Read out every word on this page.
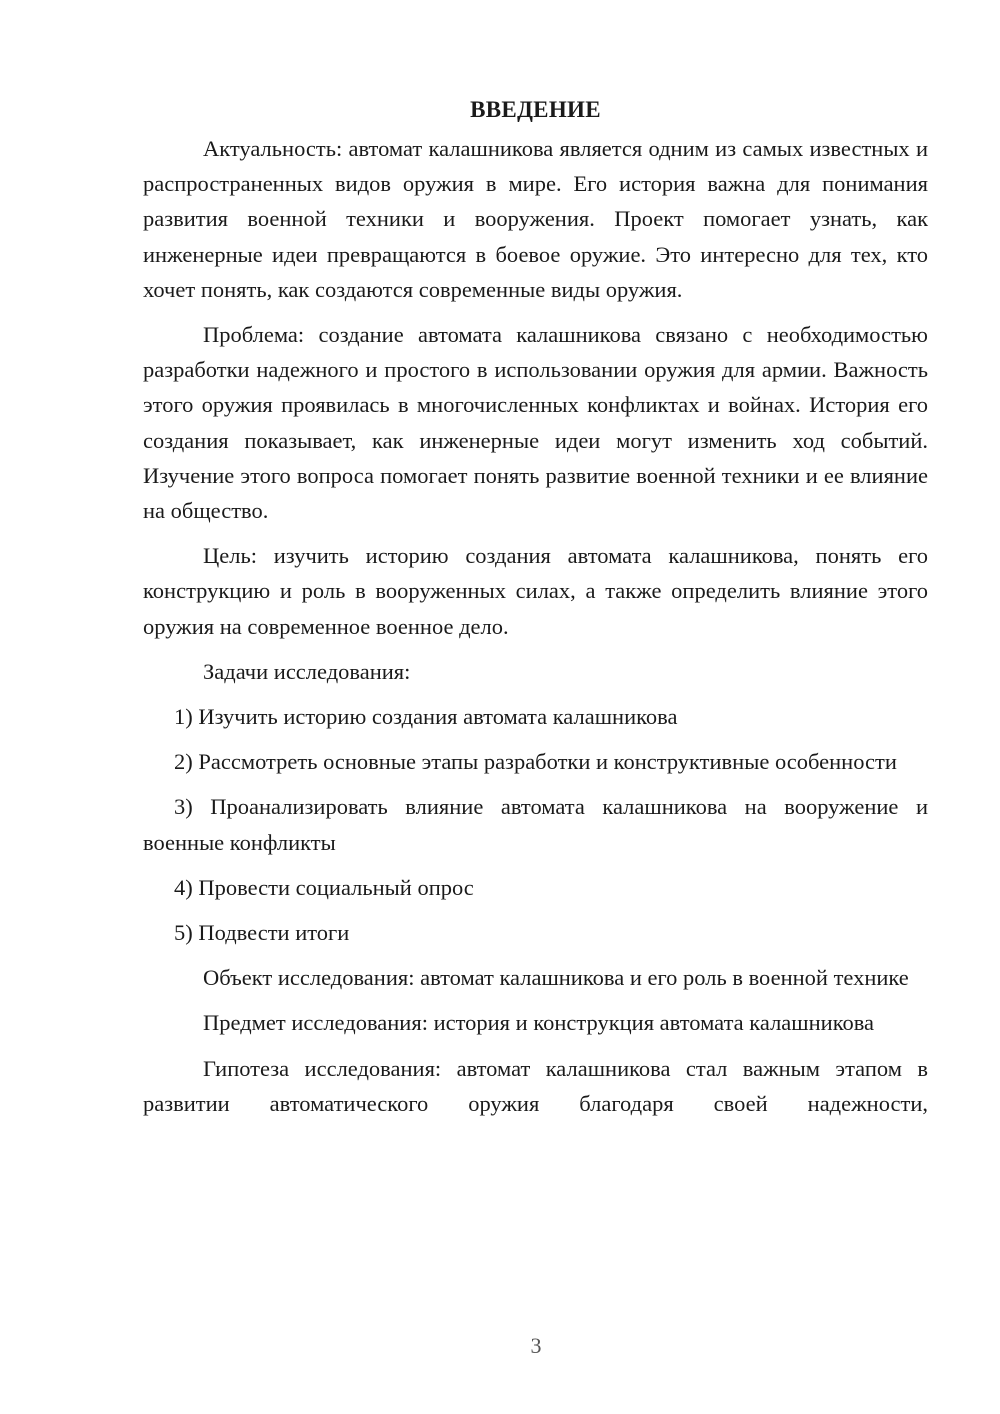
ВВЕДЕНИЕ

Актуальность: автомат калашникова является одним из самых известных и распространенных видов оружия в мире. Его история важна для понимания развития военной техники и вооружения. Проект помогает узнать, как инженерные идеи превращаются в боевое оружие. Это интересно для тех, кто хочет понять, как создаются современные виды оружия.

Проблема: создание автомата калашникова связано с необходимостью разработки надежного и простого в использовании оружия для армии. Важность этого оружия проявилась в многочисленных конфликтах и войнах. История его создания показывает, как инженерные идеи могут изменить ход событий. Изучение этого вопроса помогает понять развитие военной техники и ее влияние на общество.

Цель: изучить историю создания автомата калашникова, понять его конструкцию и роль в вооруженных силах, а также определить влияние этого оружия на современное военное дело.

Задачи исследования:

1) Изучить историю создания автомата калашникова

2) Рассмотреть основные этапы разработки и конструктивные особенности

3) Проанализировать влияние автомата калашникова на вооружение и военные конфликты

4) Провести социальный опрос

5) Подвести итоги

Объект исследования: автомат калашникова и его роль в военной технике

Предмет исследования: история и конструкция автомата калашникова

Гипотеза исследования: автомат калашникова стал важным этапом в развитии автоматического оружия благодаря своей надежности,

3
